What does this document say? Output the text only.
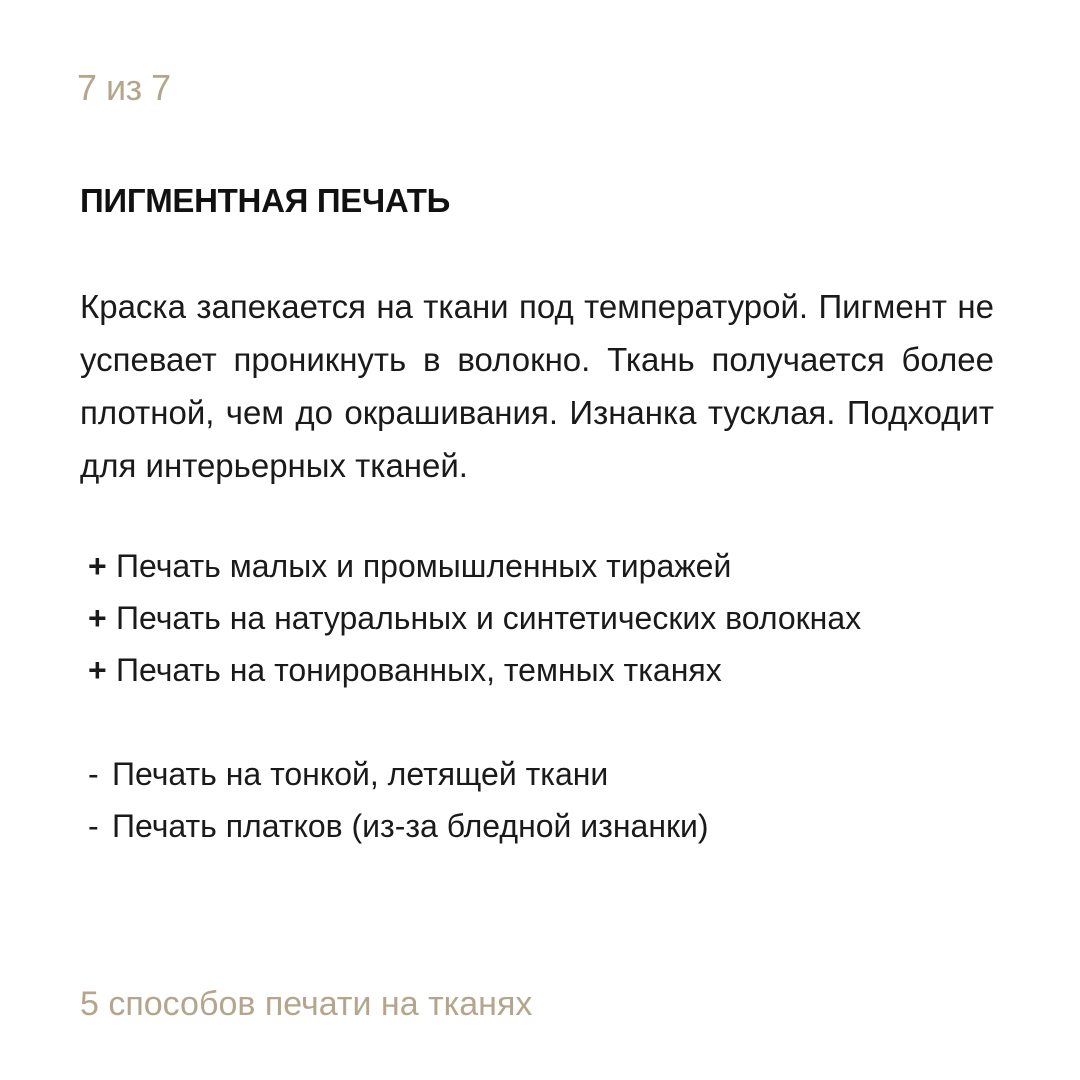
7 из 7
ПИГМЕНТНАЯ ПЕЧАТЬ
Краска запекается на ткани под температурой. Пигмент не успевает проникнуть в волокно. Ткань получается более плотной, чем до окрашивания. Изнанка тусклая. Подходит для интерьерных тканей.
+ Печать малых и промышленных тиражей
+ Печать на натуральных и синтетических волокнах
+ Печать на тонированных, темных тканях
- Печать на тонкой, летящей ткани
- Печать платков (из-за бледной изнанки)
5 способов печати на тканях
